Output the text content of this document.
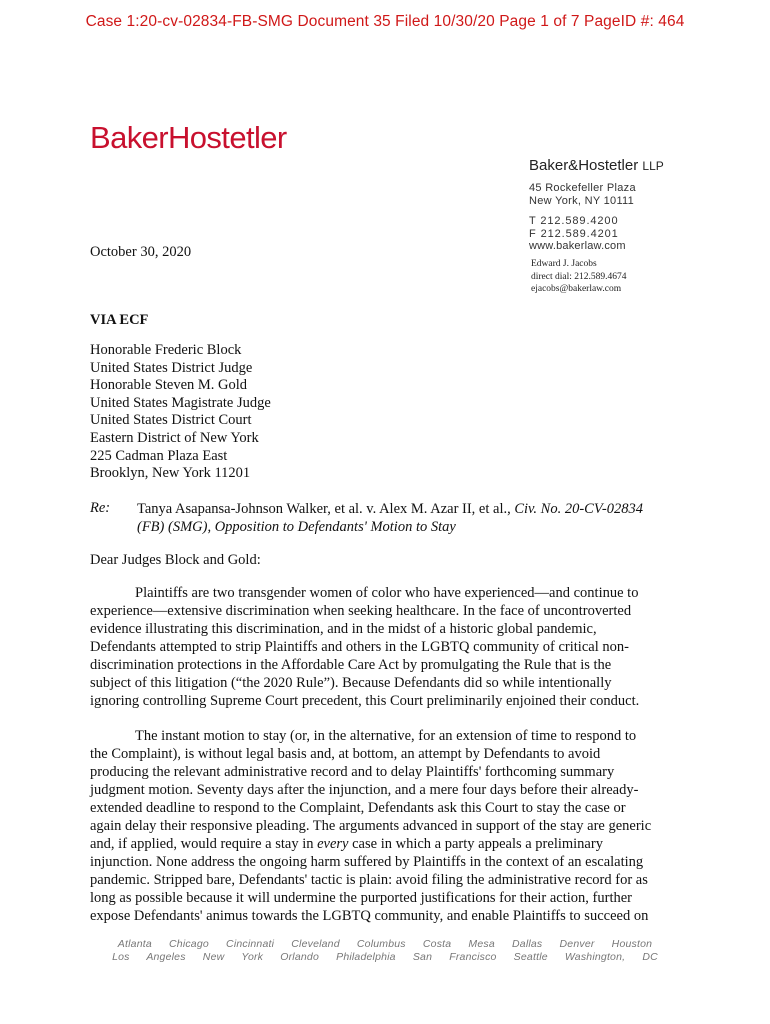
Case 1:20-cv-02834-FB-SMG Document 35 Filed 10/30/20 Page 1 of 7 PageID #: 464
BakerHostetler
Baker&Hostetler LLP
45 Rockefeller Plaza
New York, NY 10111
T 212.589.4200
F 212.589.4201
www.bakerlaw.com
Edward J. Jacobs
direct dial: 212.589.4674
ejacobs@bakerlaw.com
October 30, 2020
VIA ECF
Honorable Frederic Block
United States District Judge
Honorable Steven M. Gold
United States Magistrate Judge
United States District Court
Eastern District of New York
225 Cadman Plaza East
Brooklyn, New York 11201
Re: Tanya Asapansa-Johnson Walker, et al. v. Alex M. Azar II, et al., Civ. No. 20-CV-02834
(FB) (SMG), Opposition to Defendants' Motion to Stay
Dear Judges Block and Gold:
Plaintiffs are two transgender women of color who have experienced—and continue to
experience—extensive discrimination when seeking healthcare. In the face of uncontroverted
evidence illustrating this discrimination, and in the midst of a historic global pandemic,
Defendants attempted to strip Plaintiffs and others in the LGBTQ community of critical non-
discrimination protections in the Affordable Care Act by promulgating the Rule that is the
subject of this litigation (“the 2020 Rule”). Because Defendants did so while intentionally
ignoring controlling Supreme Court precedent, this Court preliminarily enjoined their conduct.
The instant motion to stay (or, in the alternative, for an extension of time to respond to
the Complaint), is without legal basis and, at bottom, an attempt by Defendants to avoid
producing the relevant administrative record and to delay Plaintiffs' forthcoming summary
judgment motion. Seventy days after the injunction, and a mere four days before their already-
extended deadline to respond to the Complaint, Defendants ask this Court to stay the case or
again delay their responsive pleading. The arguments advanced in support of the stay are generic
and, if applied, would require a stay in every case in which a party appeals a preliminary
injunction. None address the ongoing harm suffered by Plaintiffs in the context of an escalating
pandemic. Stripped bare, Defendants' tactic is plain: avoid filing the administrative record for as
long as possible because it will undermine the purported justifications for their action, further
expose Defendants' animus towards the LGBTQ community, and enable Plaintiffs to succeed on
Atlanta Chicago Cincinnati Cleveland Columbus Costa Mesa Dallas Denver Houston
Los Angeles New York Orlando Philadelphia San Francisco Seattle Washington, DC
